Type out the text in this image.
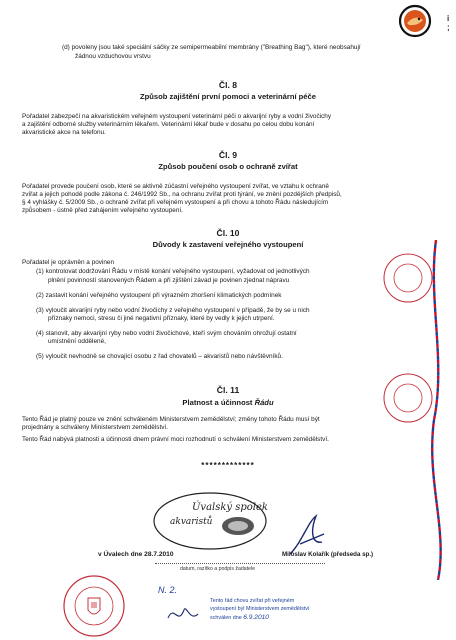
i
;
(d) povoleny jsou také speciální sáčky ze semipermeabilní membrány ("Breathing Bag"), které neobsahují
žádnou vzduchovou vrstvu
Čl. 8
Způsob zajištění první pomoci a veterinární péče
Pořadatel zabezpečí na akvaristickém veřejném vystoupení veterinární péči o akvarijní ryby a vodní živočichy
a zajištění odborné služby veterinárním lékařem. Veterinární lékař bude v dosahu po celou dobu konání
akvaristické akce na telefonu.
Čl. 9
Způsob poučení osob o ochraně zvířat
Pořadatel provede poučení osob, které se aktivně zúčastní veřejného vystoupení zvířat, ve vztahu k ochraně
zvířat a jejich pohodě podle zákona č. 246/1992 Sb., na ochranu zvířat proti týrání, ve znění pozdějších předpisů,
§ 4 vyhlášky č. 5/2009 Sb., o ochraně zvířat při veřejném vystoupení a při chovu a tohoto Řádu následujícím
způsobem - ústně před zahájením veřejného vystoupení.
Čl. 10
Důvody k zastavení veřejného vystoupení
Pořadatel je oprávněn a povinen
(1) kontrolovat dodržování Řádu v místě konání veřejného vystoupení, vyžadovat od jednotlivých
plnění povinností stanovených Řádem a při zjištění závad je povinen zjednat nápravu
(2) zastavit konání veřejného vystoupení při výrazném zhoršení klimatických podmínek
(3) vyloučit akvarijní ryby nebo vodní živočichy z veřejného vystoupení v případě, že by se u nich
příznaky nemoci, stresu či jiné negativní příznaky, které by vedly k jejich utrpení.
(4) stanovit, aby akvarijní ryby nebo vodní živočichové, kteří svým chováním ohrožují ostatní
umístnění oddělené,
(5) vyloučit nevhodně se chovající osobu z řad chovatelů – akvaristů nebo návštěvníků.
Čl. 11
Platnost a účinnost Řádu
Tento Řád je platný pouze ve znění schváleném Ministerstvem zemědělství; změny tohoto Řádu musí být
projednány a schváleny Ministerstvem zemědělství.
Tento Řád nabývá platnosti a účinnosti dnem právní moci rozhodnutí o schválení Ministerstvem zemědělství.
*************
Úvalský spolek
akvaristů
v Úvalech dne 28.7.2010	Miloslav Kolařík (předseda sp.)
datum, razítko a podpis žadatele
N. 2.
Tento řád chovu zvířat při veřejném
vystoupení byl Ministerstvem zemědělství
schválen dne 6.9.2010
